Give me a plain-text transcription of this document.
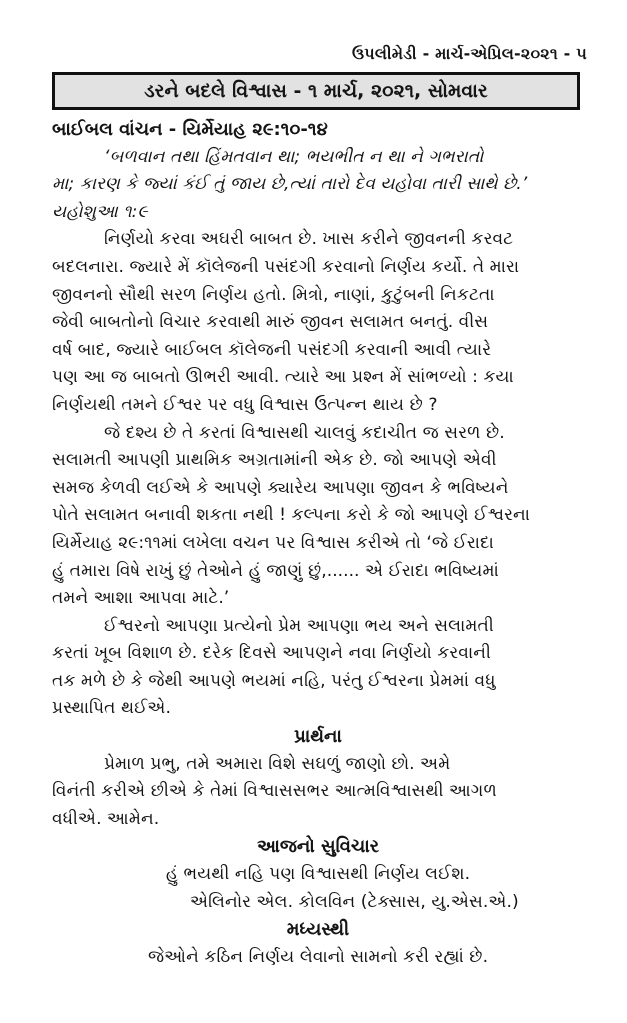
ઉપલીમેડી - માર્ચ-એપ્રિલ-૨૦૨૧ - ૫
ડરને બદલે વિશ્વાસ - ૧ માર્ચ, ૨૦૨૧, સોમવાર
બાઈબલ વાંચન - યિર્મેયાહ ૨૯:૧૦-૧૪
‘બળવાન તથા હિંમતવાન થા; ભયભીત ન થા ને ગભરાતો
મા; કારણ કે જ્યાં કંઈ તું જાય છે,ત્યાં તારો દેવ યહોવા તારી સાથે છે.’
યહોશુઆ ૧:૯
નિર્ણયો કરવા અઘરી બાબત છે. ખાસ કરીને જીવનની કરવટ
બદલનારા. જ્યારે મેં કૉલેજની પસંદગી કરવાનો નિર્ણય કર્યો. તે મારા
જીવનનો સૌથી સરળ નિર્ણય હતો. મિત્રો, નાણાં, કુટુંબની નિકટતા
જેવી બાબતોનો વિચાર કરવાથી મારું જીવન સલામત બનતું. વીસ
વર્ષ બાદ, જ્યારે બાઈબલ કૉલેજની પસંદગી કરવાની આવી ત્યારે
પણ આ જ બાબતો ઊભરી આવી. ત્યારે આ પ્રશ્ન મેં સાંભળ્યો : કયા
નિર્ણયથી તમને ઈશ્વર પર વધુ વિશ્વાસ ઉત્પન્ન થાય છે ?
જે દશ્ય છે તે કરતાં વિશ્વાસથી ચાલવું કદાચીત જ સરળ છે.
સલામતી આપણી પ્રાથમિક અગ્રતામાંની એક છે. જો આપણે એવી
સમજ કેળવી લઈએ કે આપણે ક્યારેય આપણા જીવન કે ભવિષ્યને
પોતે સલામત બનાવી શકતા નથી ! કલ્પના કરો કે જો આપણે ઈશ્વરના
યિર્મેયાહ ૨૯:૧૧માં લખેલા વચન પર વિશ્વાસ કરીએ તો ‘જે ઈરાદા
હું તમારા વિષે રાખું છું તેઓને હું જાણું છું,...... એ ઈરાદા ભવિષ્યમાં
તમને આશા આપવા માટે.’
ઈશ્વરનો આપણા પ્રત્યેનો પ્રેમ આપણા ભય અને સલામતી
કરતાં ખૂબ વિશાળ છે. દરેક દિવસે આપણને નવા નિર્ણયો કરવાની
તક મળે છે કે જેથી આપણે ભયમાં નહિ, પરંતુ ઈશ્વરના પ્રેમમાં વધુ
પ્રસ્થાપિત થઈએ.
પ્રાર્થના
પ્રેમાળ પ્રભુ, તમે અમારા વિશે સઘળું જાણો છો. અમે
વિનંતી કરીએ છીએ કે તેમાં વિશ્વાસસભર આત્મવિશ્વાસથી આગળ
વધીએ. આમેન.
આજનો સુવિચાર
હું ભયથી નહિ પણ વિશ્વાસથી નિર્ણય લઈશ.
એલિનોર એલ. કોલવિન (ટેક્સાસ, યુ.એસ.એ.)
મધ્યસ્થી
જેઓને કઠિન નિર્ણય લેવાનો સામનો કરી રહ્યાં છે.
